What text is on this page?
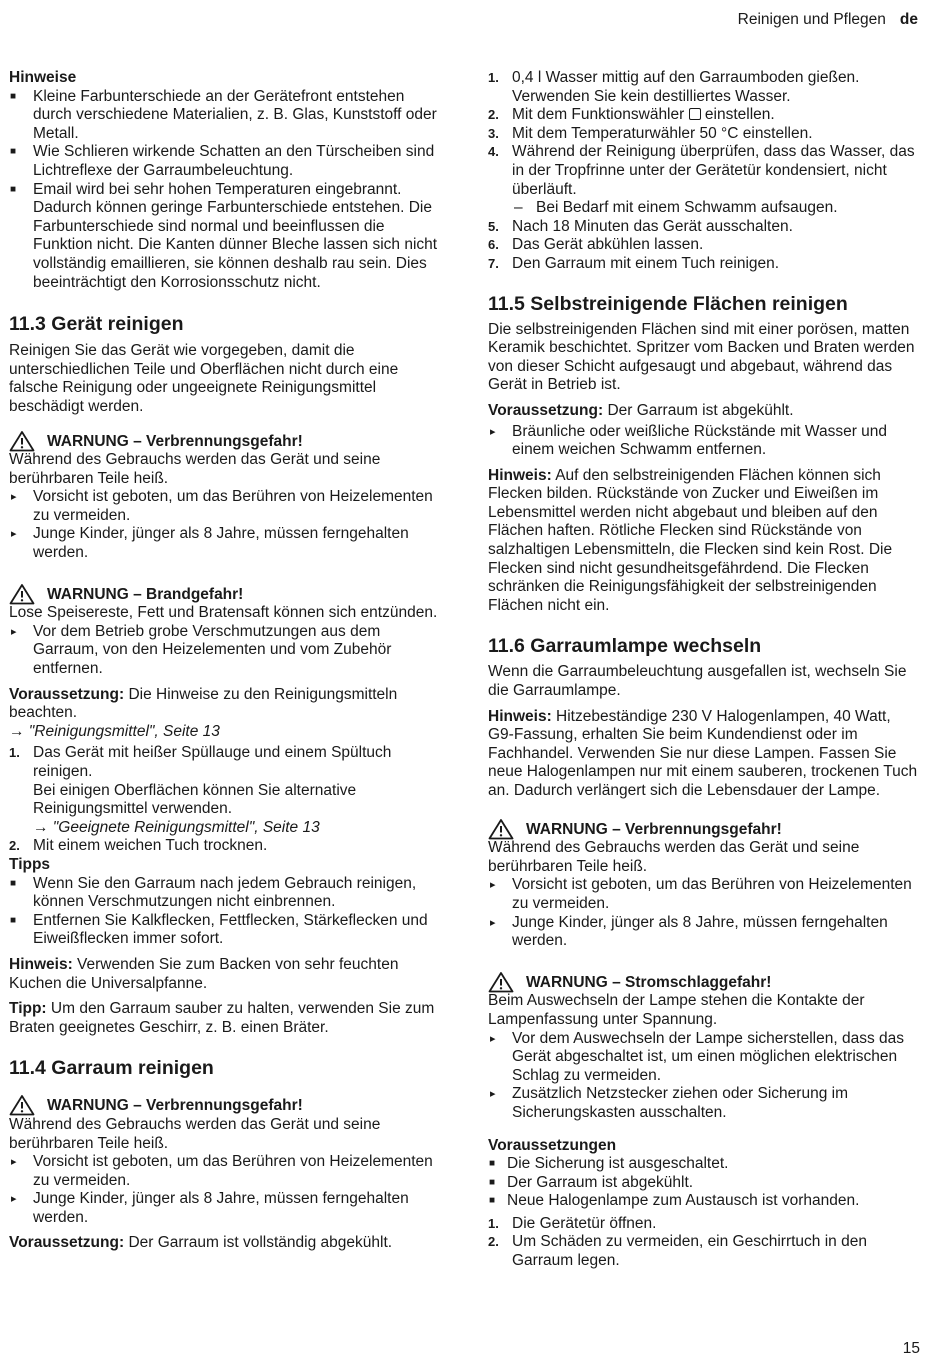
Reinigen und Pflegen de

Hinweise

■ Kleine Farbunterschiede an der Gerätefront entstehen durch verschiedene Materialien, z. B. Glas, Kunststoff oder Metall.

■ Wie Schlieren wirkende Schatten an den Türscheiben sind Lichtreflexe der Garraumbeleuchtung.

■ Email wird bei sehr hohen Temperaturen eingebrannt. Dadurch können geringe Farbunterschiede entstehen. Die Farbunterschiede sind normal und beeinflussen die Funktion nicht. Die Kanten dünner Bleche lassen sich nicht vollständig emaillieren, sie können deshalb rau sein. Dies beeinträchtigt den Korrosionsschutz nicht.

11.3 Gerät reinigen

Reinigen Sie das Gerät wie vorgegeben, damit die unterschiedlichen Teile und Oberflächen nicht durch eine falsche Reinigung oder ungeeignete Reinigungsmittel beschädigt werden.

WARNUNG – Verbrennungsgefahr!

Während des Gebrauchs werden das Gerät und seine berührbaren Teile heiß.

▸ Vorsicht ist geboten, um das Berühren von Heizelementen zu vermeiden.

▸ Junge Kinder, jünger als 8 Jahre, müssen ferngehalten werden.

WARNUNG – Brandgefahr!

Lose Speisereste, Fett und Bratensaft können sich entzünden.

▸ Vor dem Betrieb grobe Verschmutzungen aus dem Garraum, von den Heizelementen und vom Zubehör entfernen.

Voraussetzung: Die Hinweise zu den Reinigungsmitteln beachten.

→ "Reinigungsmittel", Seite 13

1. Das Gerät mit heißer Spüllauge und einem Spültuch reinigen.

Bei einigen Oberflächen können Sie alternative Reinigungsmittel verwenden.

→ "Geeignete Reinigungsmittel", Seite 13

2. Mit einem weichen Tuch trocknen.

Tipps

■ Wenn Sie den Garraum nach jedem Gebrauch reinigen, können Verschmutzungen nicht einbrennen.

■ Entfernen Sie Kalkflecken, Fettflecken, Stärkeflecken und Eiweißflecken immer sofort.

Hinweis: Verwenden Sie zum Backen von sehr feuchten Kuchen die Universalpfanne.

Tipp: Um den Garraum sauber zu halten, verwenden Sie zum Braten geeignetes Geschirr, z. B. einen Bräter.

11.4 Garraum reinigen

WARNUNG – Verbrennungsgefahr!

Während des Gebrauchs werden das Gerät und seine berührbaren Teile heiß.

▸ Vorsicht ist geboten, um das Berühren von Heizelementen zu vermeiden.

▸ Junge Kinder, jünger als 8 Jahre, müssen ferngehalten werden.

Voraussetzung: Der Garraum ist vollständig abgekühlt.

1. 0,4 l Wasser mittig auf den Garraumboden gießen. Verwenden Sie kein destilliertes Wasser.

2. Mit dem Funktionswähler einstellen.

3. Mit dem Temperaturwähler 50 °C einstellen.

4. Während der Reinigung überprüfen, dass das Wasser, das in der Tropfrinne unter der Gerätetür kondensiert, nicht überläuft.

– Bei Bedarf mit einem Schwamm aufsaugen.

5. Nach 18 Minuten das Gerät ausschalten.

6. Das Gerät abkühlen lassen.

7. Den Garraum mit einem Tuch reinigen.

11.5 Selbstreinigende Flächen reinigen

Die selbstreinigenden Flächen sind mit einer porösen, matten Keramik beschichtet. Spritzer vom Backen und Braten werden von dieser Schicht aufgesaugt und abgebaut, während das Gerät in Betrieb ist.

Voraussetzung: Der Garraum ist abgekühlt.

▸ Bräunliche oder weißliche Rückstände mit Wasser und einem weichen Schwamm entfernen.

Hinweis: Auf den selbstreinigenden Flächen können sich Flecken bilden. Rückstände von Zucker und Eiweißen im Lebensmittel werden nicht abgebaut und bleiben auf den Flächen haften. Rötliche Flecken sind Rückstände von salzhaltigen Lebensmitteln, die Flecken sind kein Rost. Die Flecken sind nicht gesundheitsgefährdend. Die Flecken schränken die Reinigungsfähigkeit der selbstreinigenden Flächen nicht ein.

11.6 Garraumlampe wechseln

Wenn die Garraumbeleuchtung ausgefallen ist, wechseln Sie die Garraumlampe.

Hinweis: Hitzebeständige 230 V Halogenlampen, 40 Watt, G9-Fassung, erhalten Sie beim Kundendienst oder im Fachhandel. Verwenden Sie nur diese Lampen. Fassen Sie neue Halogenlampen nur mit einem sauberen, trockenen Tuch an. Dadurch verlängert sich die Lebensdauer der Lampe.

WARNUNG – Verbrennungsgefahr!

Während des Gebrauchs werden das Gerät und seine berührbaren Teile heiß.

▸ Vorsicht ist geboten, um das Berühren von Heizelementen zu vermeiden.

▸ Junge Kinder, jünger als 8 Jahre, müssen ferngehalten werden.

WARNUNG – Stromschlaggefahr!

Beim Auswechseln der Lampe stehen die Kontakte der Lampenfassung unter Spannung.

▸ Vor dem Auswechseln der Lampe sicherstellen, dass das Gerät abgeschaltet ist, um einen möglichen elektrischen Schlag zu vermeiden.

▸ Zusätzlich Netzstecker ziehen oder Sicherung im Sicherungskasten ausschalten.

Voraussetzungen

■ Die Sicherung ist ausgeschaltet.

■ Der Garraum ist abgekühlt.

■ Neue Halogenlampe zum Austausch ist vorhanden.

1. Die Gerätetür öffnen.

2. Um Schäden zu vermeiden, ein Geschirrtuch in den Garraum legen.

15
